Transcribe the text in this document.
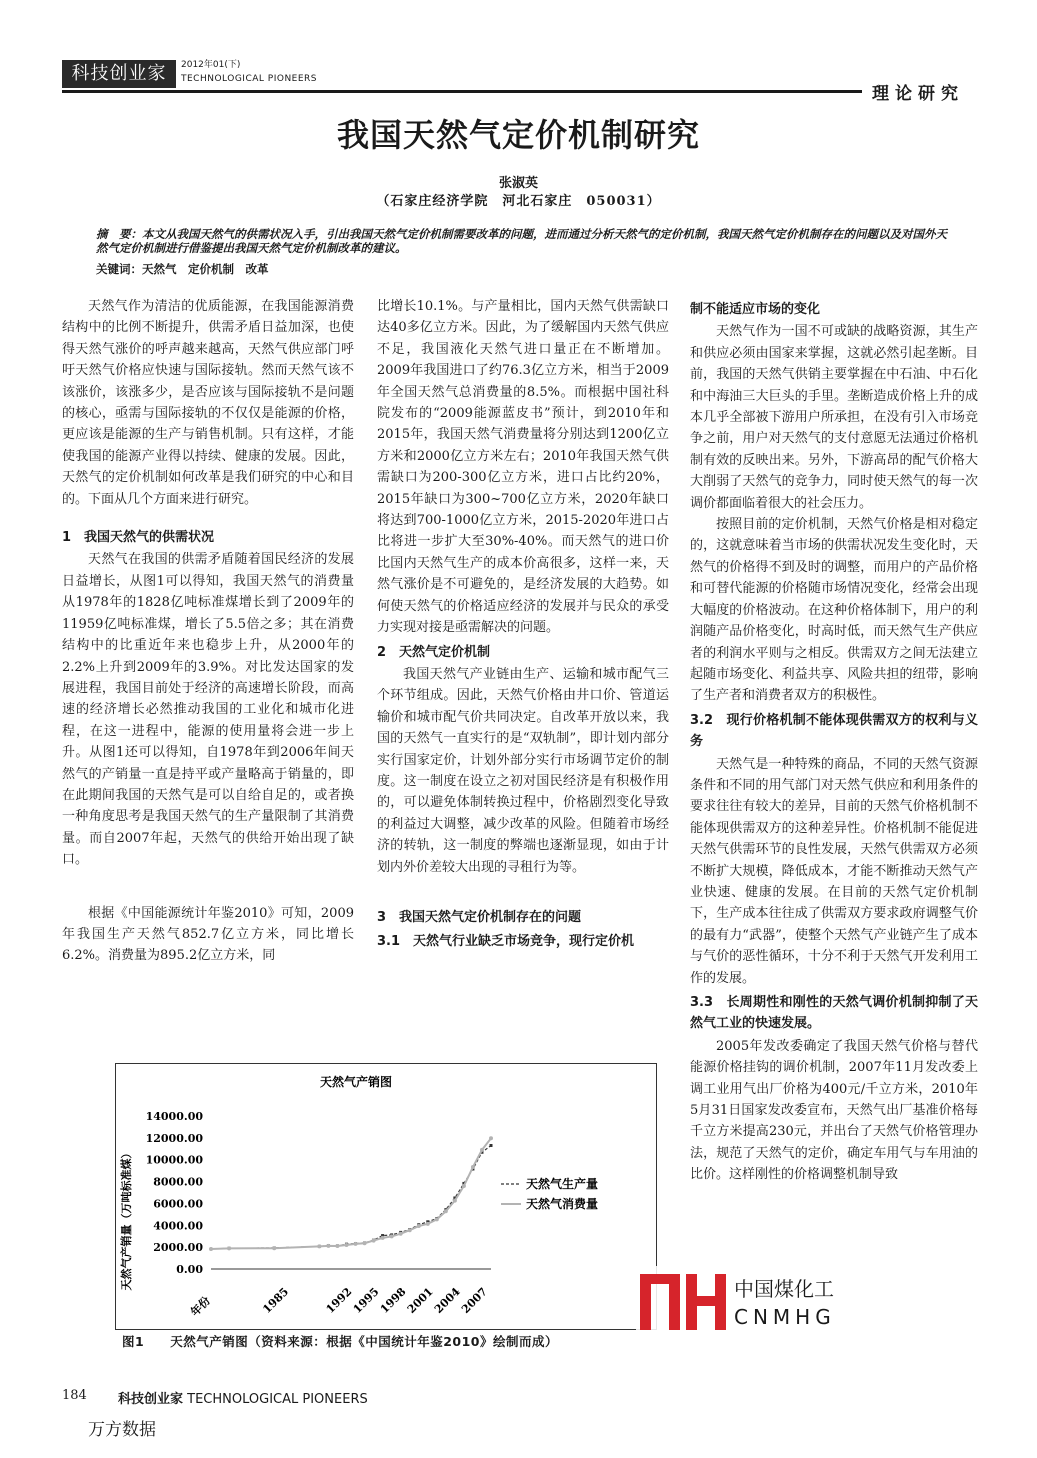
科技创业家	2012年01(下)
TECHNOLOGICAL PIONEERS
理论研究
我国天然气定价机制研究
张淑英
（石家庄经济学院　河北石家庄　050031）
摘　要：本文从我国天然气的供需状况入手，引出我国天然气定价机制需要改革的问题，进而通过分析天然气的定价机制，我国天然气定价机制存在的问题以及对国外天然气定价机制进行借鉴提出我国天然气定价机制改革的建议。
关键词：天然气　定价机制　改革

天然气作为清洁的优质能源，在我国能源消费结构中的比例不断提升，供需矛盾日益加深，也使得天然气涨价的呼声越来越高，天然气供应部门呼吁天然气价格应快速与国际接轨。然而天然气该不该涨价，该涨多少，是否应该与国际接轨不是问题的核心，亟需与国际接轨的不仅仅是能源的价格，更应该是能源的生产与销售机制。只有这样，才能使我国的能源产业得以持续、健康的发展。因此，天然气的定价机制如何改革是我们研究的中心和目的。下面从几个方面来进行研究。

1　我国天然气的供需状况

天然气在我国的供需矛盾随着国民经济的发展日益增长，从图1可以得知，我国天然气的消费量从1978年的1828亿吨标准煤增长到了2009年的11959亿吨标准煤，增长了5.5倍之多；其在消费结构中的比重近年来也稳步上升，从2000年的2.2%上升到2009年的3.9%。对比发达国家的发展进程，我国目前处于经济的高速增长阶段，而高速的经济增长必然推动我国的工业化和城市化进程，在这一进程中，能源的使用量将会进一步上升。从图1还可以得知，自1978年到2006年间天然气的产销量一直是持平或产量略高于销量的，即在此期间我国的天然气是可以自给自足的，或者换一种角度思考是我国天然气的生产量限制了其消费量。而自2007年起，天然气的供给开始出现了缺口。

根据《中国能源统计年鉴2010》可知，2009年我国生产天然气852.7亿立方米，同比增长6.2%。消费量为895.2亿立方米，同

比增长10.1%。与产量相比，国内天然气供需缺口达40多亿立方米。因此，为了缓解国内天然气供应不足，我国液化天然气进口量正在不断增加。2009年我国进口了约76.3亿立方米，相当于2009年全国天然气总消费量的8.5%。而根据中国社科院发布的“2009能源蓝皮书”预计，到2010年和2015年，我国天然气消费量将分别达到1200亿立方米和2000亿立方米左右；2010年我国天然气供需缺口为200-300亿立方米，进口占比约20%，2015年缺口为300~700亿立方米，2020年缺口将达到700-1000亿立方米，2015-2020年进口占比将进一步扩大至30%-40%。而天然气的进口价比国内天然气生产的成本价高很多，这样一来，天然气涨价是不可避免的，是经济发展的大趋势。如何使天然气的价格适应经济的发展并与民众的承受力实现对接是亟需解决的问题。

2　天然气定价机制

我国天然气产业链由生产、运输和城市配气三个环节组成。因此，天然气价格由井口价、管道运输价和城市配气价共同决定。自改革开放以来，我国的天然气一直实行的是“双轨制”，即计划内部分实行国家定价，计划外部分实行市场调节定价的制度。这一制度在设立之初对国民经济是有积极作用的，可以避免体制转换过程中，价格剧烈变化导致的利益过大调整，减少改革的风险。但随着市场经济的转轨，这一制度的弊端也逐渐显现，如由于计划内外价差较大出现的寻租行为等。

3　我国天然气定价机制存在的问题
3.1　天然气行业缺乏市场竞争，现行定价机
制不能适应市场的变化

天然气作为一国不可或缺的战略资源，其生产和供应必须由国家来掌握，这就必然引起垄断。目前，我国的天然气供销主要掌握在中石油、中石化和中海油三大巨头的手里。垄断造成价格上升的成本几乎全部被下游用户所承担，在没有引入市场竞争之前，用户对天然气的支付意愿无法通过价格机制有效的反映出来。另外，下游高昂的配气价格大大削弱了天然气的竞争力，同时使天然气的每一次调价都面临着很大的社会压力。

按照目前的定价机制，天然气价格是相对稳定的，这就意味着当市场的供需状况发生变化时，天然气的价格得不到及时的调整，而用户的产品价格和可替代能源的价格随市场情况变化，经常会出现大幅度的价格波动。在这种价格体制下，用户的利润随产品价格变化，时高时低，而天然气生产供应者的利润水平则与之相反。供需双方之间无法建立起随市场变化、利益共享、风险共担的纽带，影响了生产者和消费者双方的积极性。

3.2　现行价格机制不能体现供需双方的权利与义务

天然气是一种特殊的商品，不同的天然气资源条件和不同的用气部门对天然气供应和利用条件的要求往往有较大的差异，目前的天然气价格机制不能体现供需双方的这种差异性。价格机制不能促进天然气供需环节的良性发展，天然气供需双方必须不断扩大规模，降低成本，才能不断推动天然气产业快速、健康的发展。在目前的天然气定价机制下，生产成本往往成了供需双方要求政府调整气价的最有力“武器”，使整个天然气产业链产生了成本与气价的恶性循环，十分不利于天然气开发利用工作的发展。

3.3　长周期性和刚性的天然气调价机制抑制了天然气工业的快速发展。

2005年发改委确定了我国天然气价格与替代能源价格挂钩的调价机制，2007年11月发改委上调工业用气出厂价格为400元/千立方米，2010年5月31日国家发改委宣布，天然气出厂基准价格每千立方米提高230元，并出台了天然气价格管理办法，规范了天然气的定价，确定车用气与车用油的比价。这样刚性的价格调整机制导致

天然气产销图
天然气产销量（万吨标准煤）	0.00
2000.00
4000.00
6000.00
8000.00
10000.00
12000.00
14000.00
年份	1985	1992
1995
1998
2001
2004
2007
天然气生产量
天然气消费量
图1　　天然气产销图（资料来源：根据《中国统计年鉴2010》绘制而成）
184 科技创业家 TECHNOLOGICAL PIONEERS
万方数据
中国煤化工
CNMHG
